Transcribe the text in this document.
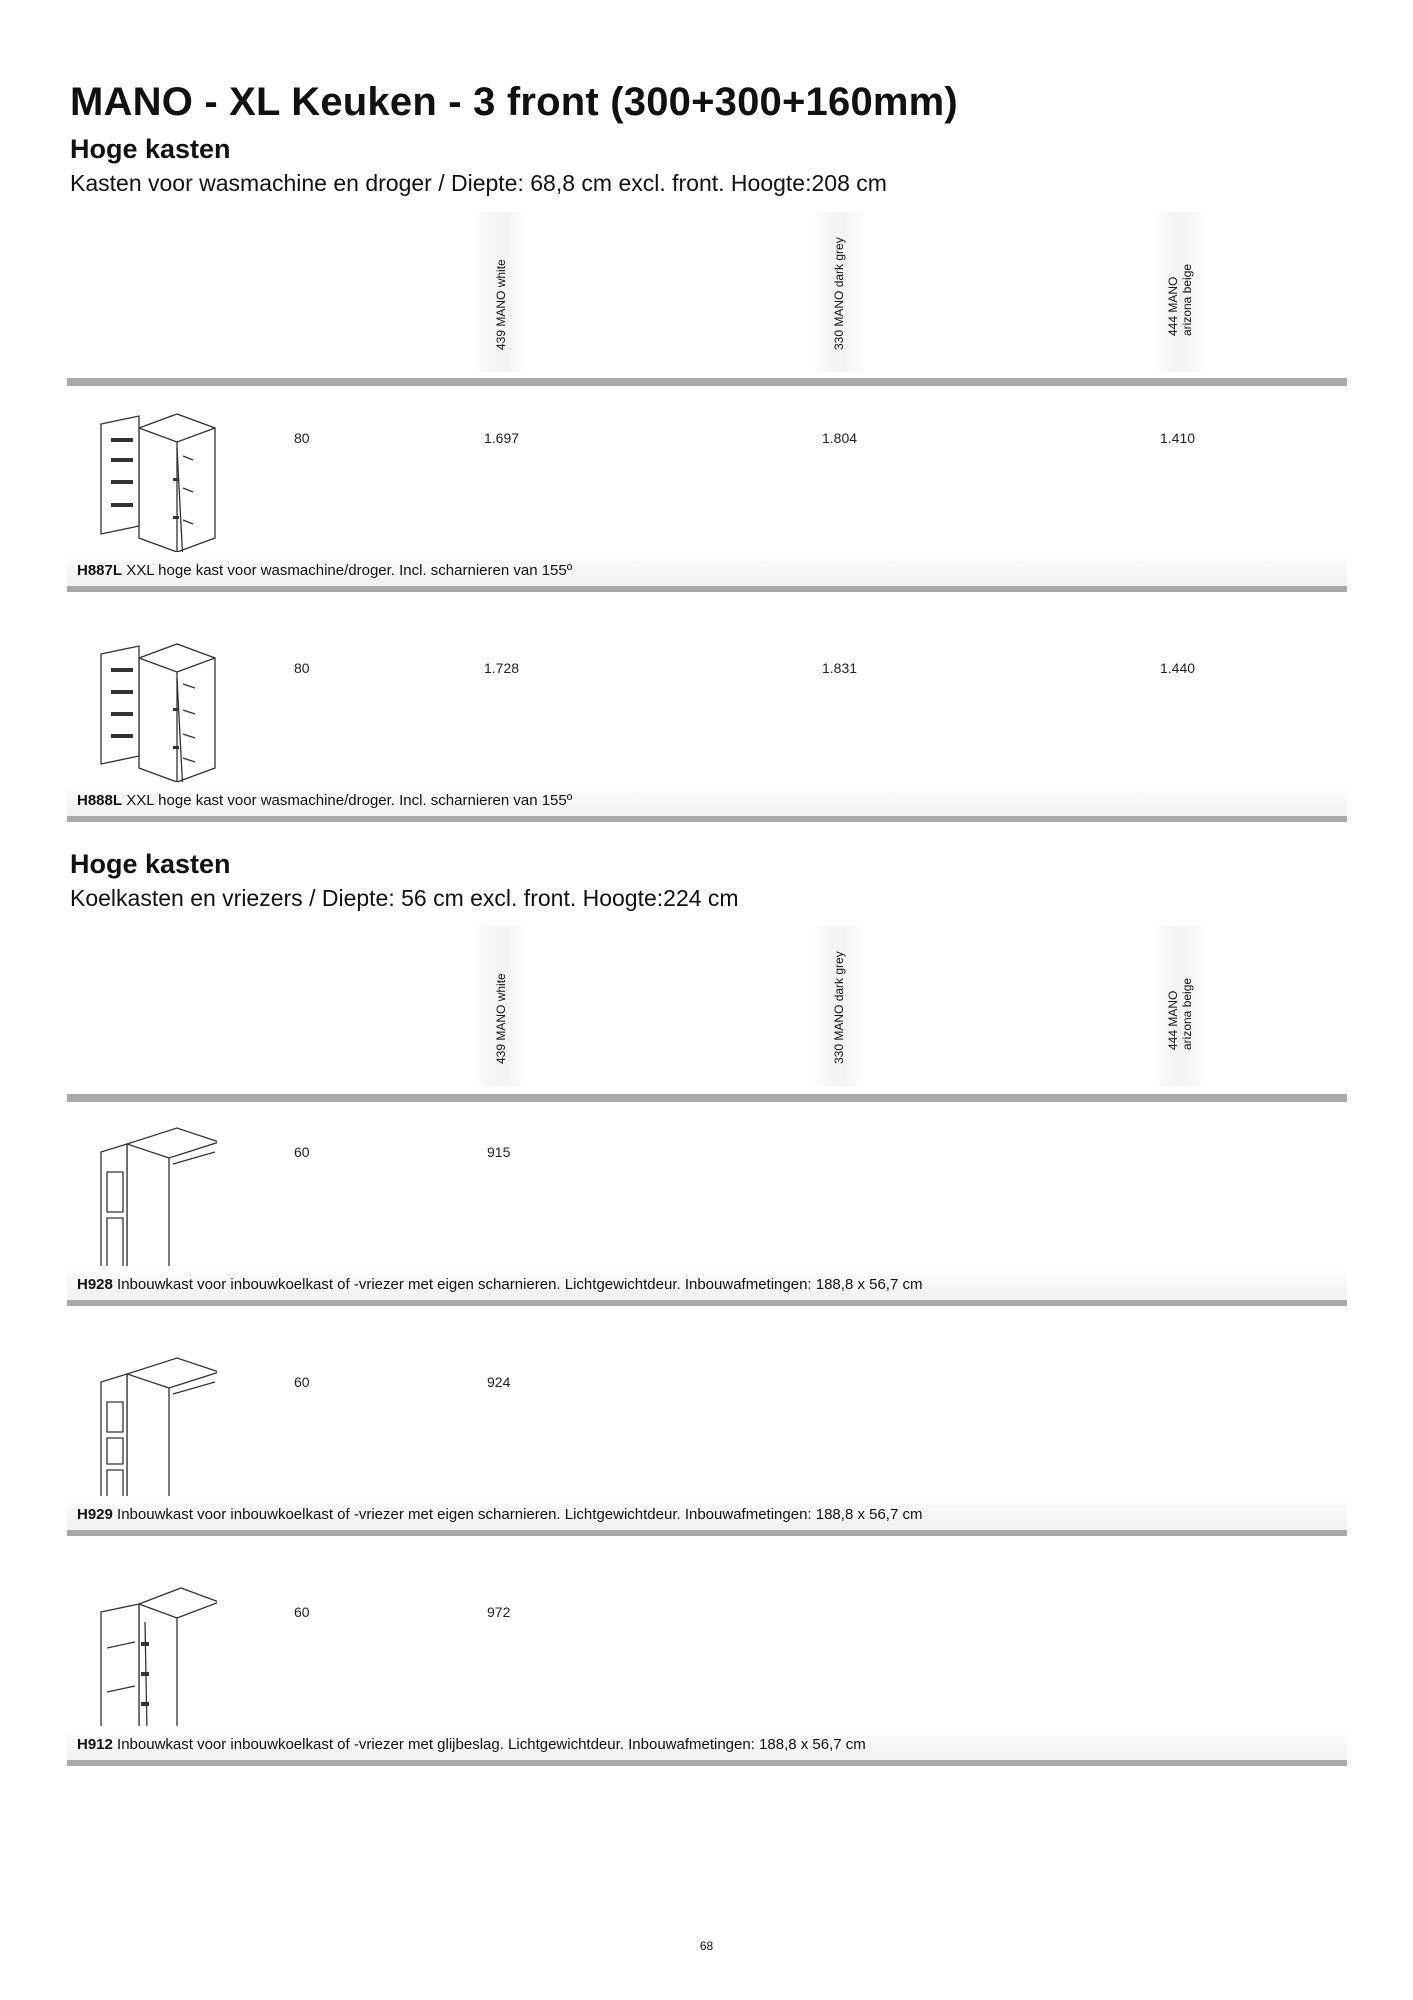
MANO - XL Keuken - 3 front (300+300+160mm)
Hoge kasten
Kasten voor wasmachine en droger / Diepte: 68,8 cm excl. front. Hoogte:208 cm
439 MANO white	330 MANO dark grey	444 MANO arizona beige
80	1.697	1.804	1.410
H887L XXL hoge kast voor wasmachine/droger. Incl. scharnieren van 155º
80	1.728	1.831	1.440
H888L XXL hoge kast voor wasmachine/droger. Incl. scharnieren van 155º
Hoge kasten
Koelkasten en vriezers / Diepte: 56 cm excl. front. Hoogte:224 cm
439 MANO white	330 MANO dark grey	444 MANO arizona beige
60	915
H928 Inbouwkast voor inbouwkoelkast of -vriezer met eigen scharnieren. Lichtgewichtdeur. Inbouwafmetingen: 188,8 x 56,7 cm
60	924
H929 Inbouwkast voor inbouwkoelkast of -vriezer met eigen scharnieren. Lichtgewichtdeur. Inbouwafmetingen: 188,8 x 56,7 cm
60	972
H912 Inbouwkast voor inbouwkoelkast of -vriezer met glijbeslag. Lichtgewichtdeur. Inbouwafmetingen: 188,8 x 56,7 cm
68
